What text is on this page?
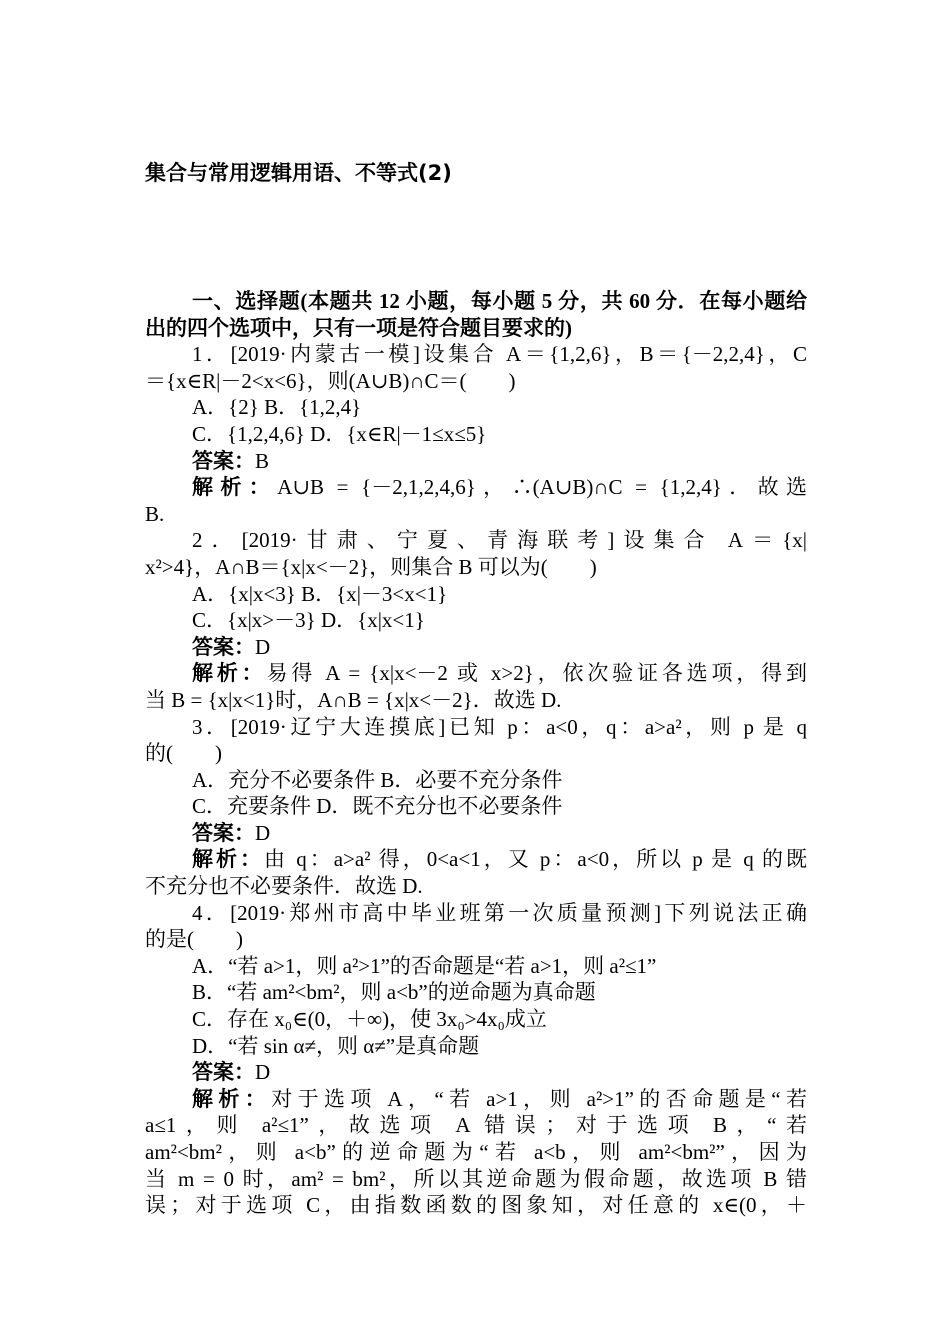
集合与常用逻辑用语、不等式(2)
一、选择题(本题共 12 小题，每小题 5 分，共 60 分．在每小题给出的四个选项中，只有一项是符合题目要求的)
1．[2019·内蒙古一模]设集合 A＝{1,2,6}，B＝{－2,2,4}，C
＝{x∈R|－2<x<6}，则(A∪B)∩C＝(　　)
A．{2} B．{1,2,4}
C．{1,2,4,6} D．{x∈R|－1≤x≤5}
答案：B
解析：A∪B = {－2,1,2,4,6}，∴(A∪B)∩C = {1,2,4}．故选
B.
2．[2019·甘肃、宁夏、青海联考]设集合 A＝{x|
x²>4}，A∩B＝{x|x<－2}，则集合 B 可以为(　　)
A．{x|x<3} B．{x|－3<x<1}
C．{x|x>－3} D．{x|x<1}
答案：D
解析：易得 A = {x|x<－2 或 x>2}，依次验证各选项，得到
当 B = {x|x<1}时，A∩B = {x|x<－2}．故选 D.
3．[2019·辽宁大连摸底]已知 p：a<0，q：a>a²，则 p 是 q
的(　　)
A．充分不必要条件 B．必要不充分条件
C．充要条件 D．既不充分也不必要条件
答案：D
解析：由 q：a>a² 得，0<a<1，又 p：a<0，所以 p 是 q 的既
不充分也不必要条件．故选 D.
4．[2019·郑州市高中毕业班第一次质量预测]下列说法正确
的是(　　)
A．“若 a>1，则 a²>1”的否命题是“若 a>1，则 a²≤1”
B．“若 am²<bm²，则 a<b”的逆命题为真命题
C．存在 x₀∈(0，＋∞)，使 3x₀>4x₀成立
D．“若 sin α≠，则 α≠”是真命题
答案：D
解析：对于选项 A，“若 a>1，则 a²>1”的否命题是“若
a≤1，则 a²≤1”，故选项 A 错误；对于选项 B，“若
am²<bm²，则 a<b”的逆命题为“若 a<b，则 am²<bm²”，因为
当 m = 0 时，am² = bm²，所以其逆命题为假命题，故选项 B 错
误；对于选项 C，由指数函数的图象知，对任意的 x∈(0，＋
